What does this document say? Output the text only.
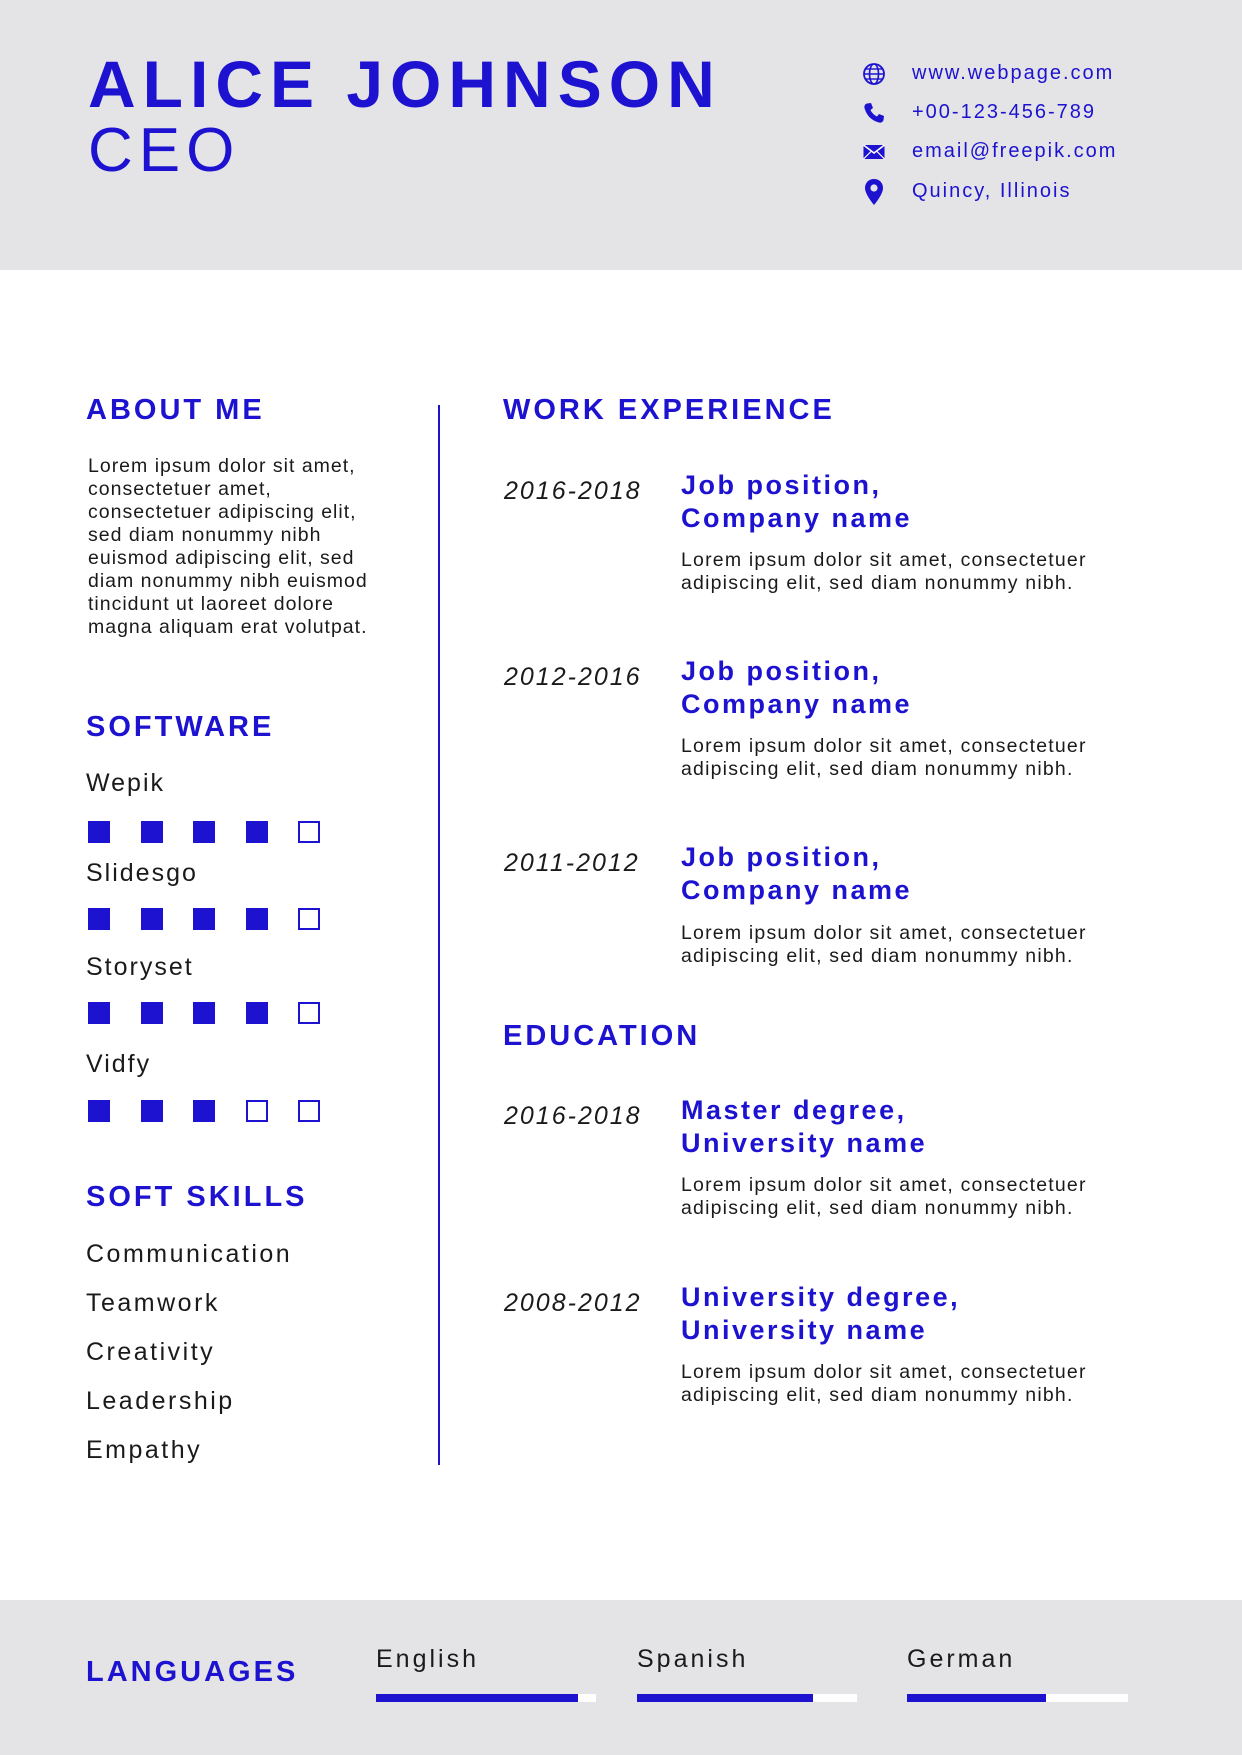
ALICE JOHNSON
CEO
www.webpage.com
+00-123-456-789
email@freepik.com
Quincy, Illinois
ABOUT ME
Lorem ipsum dolor sit amet, consectetuer amet, consectetuer adipiscing elit, sed diam nonummy nibh euismod adipiscing elit, sed diam nonummy nibh euismod tincidunt ut laoreet dolore magna aliquam erat volutpat.
SOFTWARE
Wepik
Slidesgo
Storyset
Vidfy
SOFT SKILLS
Communication
Teamwork
Creativity
Leadership
Empathy
WORK EXPERIENCE
2016-2018 Job position,
Company name
Lorem ipsum dolor sit amet, consectetuer adipiscing elit, sed diam nonummy nibh.
2012-2016 Job position,
Company name
Lorem ipsum dolor sit amet, consectetuer adipiscing elit, sed diam nonummy nibh.
2011-2012 Job position,
Company name
Lorem ipsum dolor sit amet, consectetuer adipiscing elit, sed diam nonummy nibh.
EDUCATION
2016-2018 Master degree,
University name
Lorem ipsum dolor sit amet, consectetuer adipiscing elit, sed diam nonummy nibh.
2008-2012 University degree,
University name
Lorem ipsum dolor sit amet, consectetuer adipiscing elit, sed diam nonummy nibh.
LANGUAGES	English	Spanish	German
